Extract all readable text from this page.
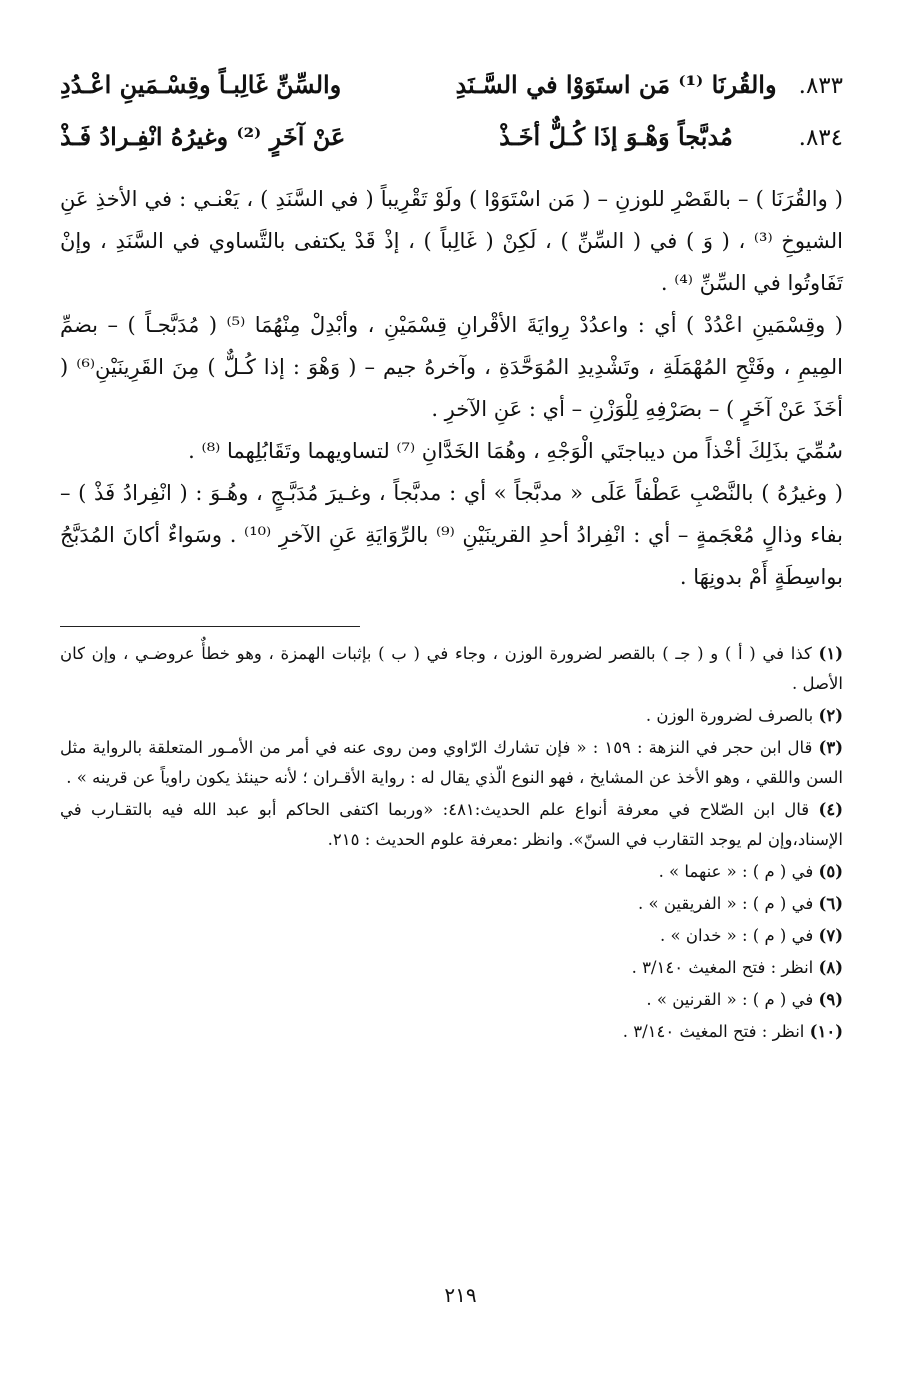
٨٣٣.
والقُرنَا ⁽¹⁾ مَن استَوَوْا في السَّـنَدِ
والسِّنِّ غَالِبـاً وقِسْـمَينِ اعْـدُدِ
٨٣٤.
مُدبَّجاً وَهْـوَ إذَا كُـلٌّ أخَـذْ
عَنْ آخَرٍ ⁽²⁾ وغيرُهُ انْفِـرادُ فَـذْ

( والقُرَنَا ) – بالقَصْرِ للوزنِ – ( مَن اسْتَوَوْا ) ولَوْ تَقْرِيباً ( في السَّنَدِ ) ، يَعْنـي : في الأخذِ عَنِ الشيوخِ ⁽³⁾ ، ( وَ ) في ( السِّنِّ ) ، لَكِنْ ( غَالِباً ) ، إذْ قَدْ يكتفى بالتَّساوي في السَّنَدِ ، وإنْ تَفَاوتُوا في السِّنِّ ⁽⁴⁾ .

( وقِسْمَينِ اعْدُدْ ) أي : واعدُدْ رِوايَةَ الأقْرانِ قِسْمَيْنِ ، وأبْدِلْ مِنْهُمَا ⁽⁵⁾ ( مُدَبَّجـاً ) – بضمِّ المِيمِ ، وفَتْحِ المُهْمَلَةِ ، وتَشْدِيدِ المُوَحَّدَةِ ، وآخرهُ جيم – ( وَهْوَ : إذا كُـلٌّ ) مِنَ القَرِينَيْنِ⁽⁶⁾ ( أخَذَ عَنْ آخَرٍ ) – بصَرْفِهِ لِلْوَزْنِ – أي : عَنِ الآخرِ .

سُمِّيَ بذَلِكَ أخْذاً من ديباجتَي الْوَجْهِ ، وهُمَا الخَدَّانِ ⁽⁷⁾ لتساويهما وتَقَابُلِهما ⁽⁸⁾ .

( وغيرُهُ ) بالنَّصْبِ عَطْفاً عَلَى « مدبَّجاً » أي : مدبَّجاً ، وغـيرَ مُدَبَّـجٍ ، وهُـوَ : ( انْفِرادُ فَذْ ) – بفاء وذالٍ مُعْجَمةٍ – أي : انْفِرادُ أحدِ القرينَيْنِ ⁽⁹⁾ بالرِّوَايَةِ عَنِ الآخرِ ⁽¹⁰⁾ . وسَواءٌ أكانَ المُدَبَّجُ بواسِطَةٍ أَمْ بدونِهَا .

(١) كذا في ( أ ) و ( جـ ) بالقصر لضرورة الوزن ، وجاء في ( ب ) بإثبات الهمزة ، وهو خطأٌ عروضـي ، وإن كان الأصل .

(٢) بالصرف لضرورة الوزن .

(٣) قال ابن حجر في النزهة : ١٥٩ : « فإن تشارك الرّاوي ومن روى عنه في أمر من الأمـور المتعلقة بالرواية مثل السن واللقي ، وهو الأخذ عن المشايخ ، فهو النوع الّذي يقال له : رواية الأقـران ؛ لأنه حينئذ يكون راوياً عن قرينه » .

(٤) قال ابن الصّلاح في معرفة أنواع علم الحديث:٤٨١: «وربما اكتفى الحاكم أبو عبد الله فيه بالتقـارب في الإسناد،وإن لم يوجد التقارب في السنّ». وانظر :معرفة علوم الحديث : ٢١٥.

(٥) في ( م ) : « عنهما » .

(٦) في ( م ) : « الفريقين » .

(٧) في ( م ) : « خدان » .

(٨) انظر : فتح المغيث ٣/١٤٠ .

(٩) في ( م ) : « القرنين » .

(١٠) انظر : فتح المغيث ٣/١٤٠ .

٢١٩
